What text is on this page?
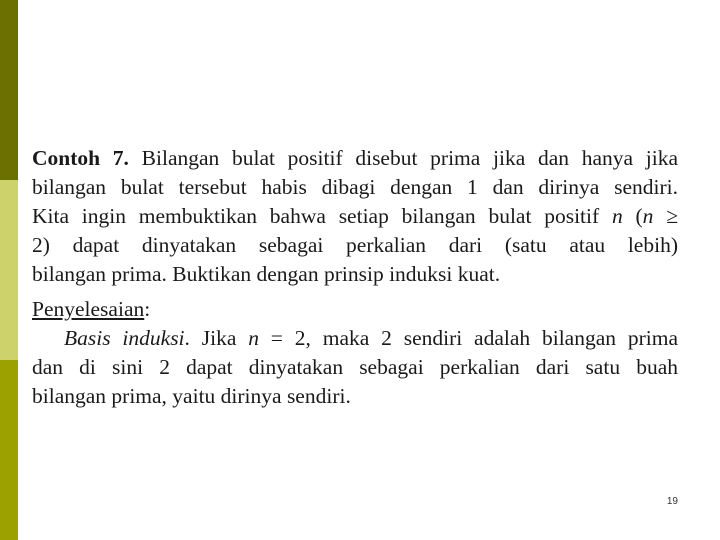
Contoh 7. Bilangan bulat positif disebut prima jika dan hanya jika
bilangan bulat tersebut habis dibagi dengan 1 dan dirinya sendiri.
Kita ingin membuktikan bahwa setiap bilangan bulat positif n (n ≥
2) dapat dinyatakan sebagai perkalian dari (satu atau lebih)
bilangan prima. Buktikan dengan prinsip induksi kuat.

Penyelesaian:
Basis induksi. Jika n = 2, maka 2 sendiri adalah bilangan prima
dan di sini 2 dapat dinyatakan sebagai perkalian dari satu buah
bilangan prima, yaitu dirinya sendiri.

19
